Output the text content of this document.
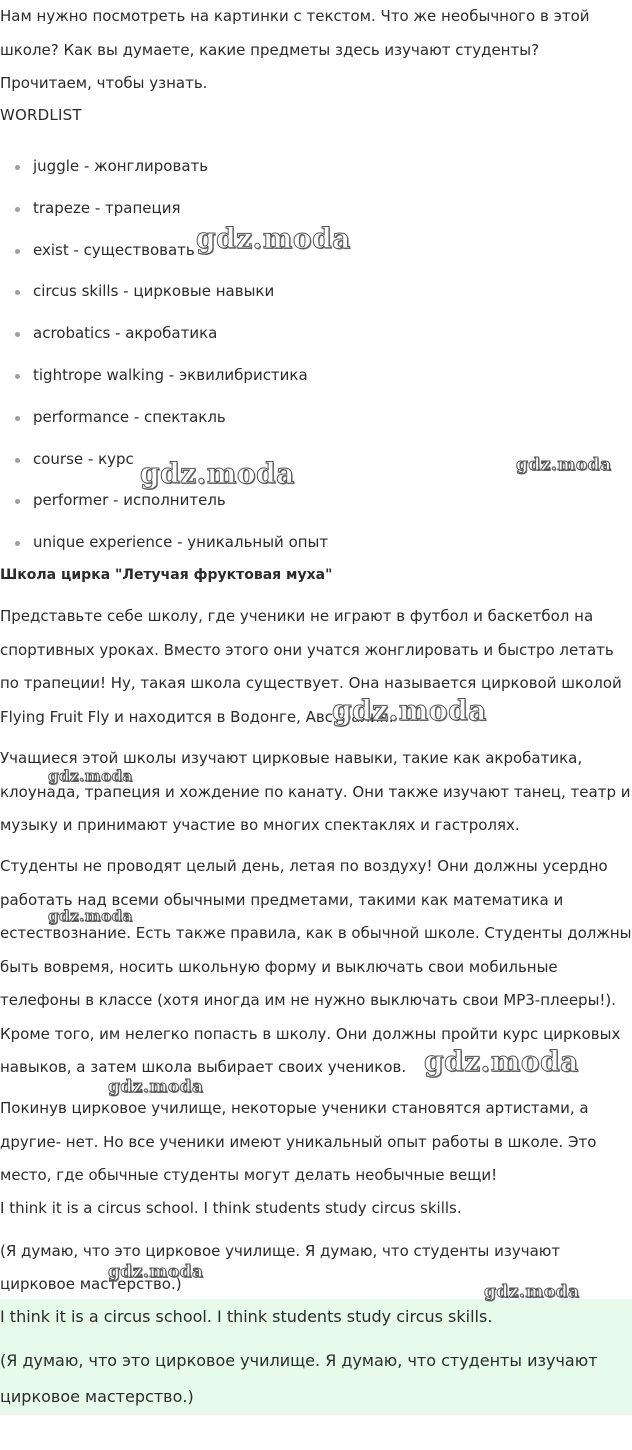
Нам нужно посмотреть на картинки с текстом. Что же необычного в этой школе? Как вы думаете, какие предметы здесь изучают студенты? Прочитаем, чтобы узнать.

WORDLIST
juggle - жонглировать
trapeze - трапеция
exist - существовать
circus skills - цирковые навыки
acrobatics - акробатика
tightrope walking - эквилибристика
performance - спектакль
course - курс
performer - исполнитель
unique experience - уникальный опыт
Школа цирка "Летучая фруктовая муха"

Представьте себе школу, где ученики не играют в футбол и баскетбол на спортивных уроках. Вместо этого они учатся жонглировать и быстро летать по трапеции! Ну, такая школа существует. Она называется цирковой школой Flying Fruit Fly и находится в Водонге, Австралия.

Учащиеся этой школы изучают цирковые навыки, такие как акробатика, клоунада, трапеция и хождение по канату. Они также изучают танец, театр и музыку и принимают участие во многих спектаклях и гастролях.

Студенты не проводят целый день, летая по воздуху! Они должны усердно работать над всеми обычными предметами, такими как математика и естествознание. Есть также правила, как в обычной школе. Студенты должны быть вовремя, носить школьную форму и выключать свои мобильные телефоны в классе (хотя иногда им не нужно выключать свои МР3-плееры!). Кроме того, им нелегко попасть в школу. Они должны пройти курс цирковых навыков, а затем школа выбирает своих учеников.

Покинув цирковое училище, некоторые ученики становятся артистами, а другие- нет. Но все ученики имеют уникальный опыт работы в школе. Это место, где обычные студенты могут делать необычные вещи!

I think it is a circus school. I think students study circus skills.
(Я думаю, что это цирковое училище. Я думаю, что студенты изучают цирковое мастерство.)

I think it is a circus school. I think students study circus skills.

(Я думаю, что это цирковое училище. Я думаю, что студенты изучают цирковое мастерство.)

gdz.moda
gdz.moda	gdz.moda
gdz.moda
gdz.moda
gdz.moda
gdz.moda
gdz.moda
gdz.moda
gdz.moda
